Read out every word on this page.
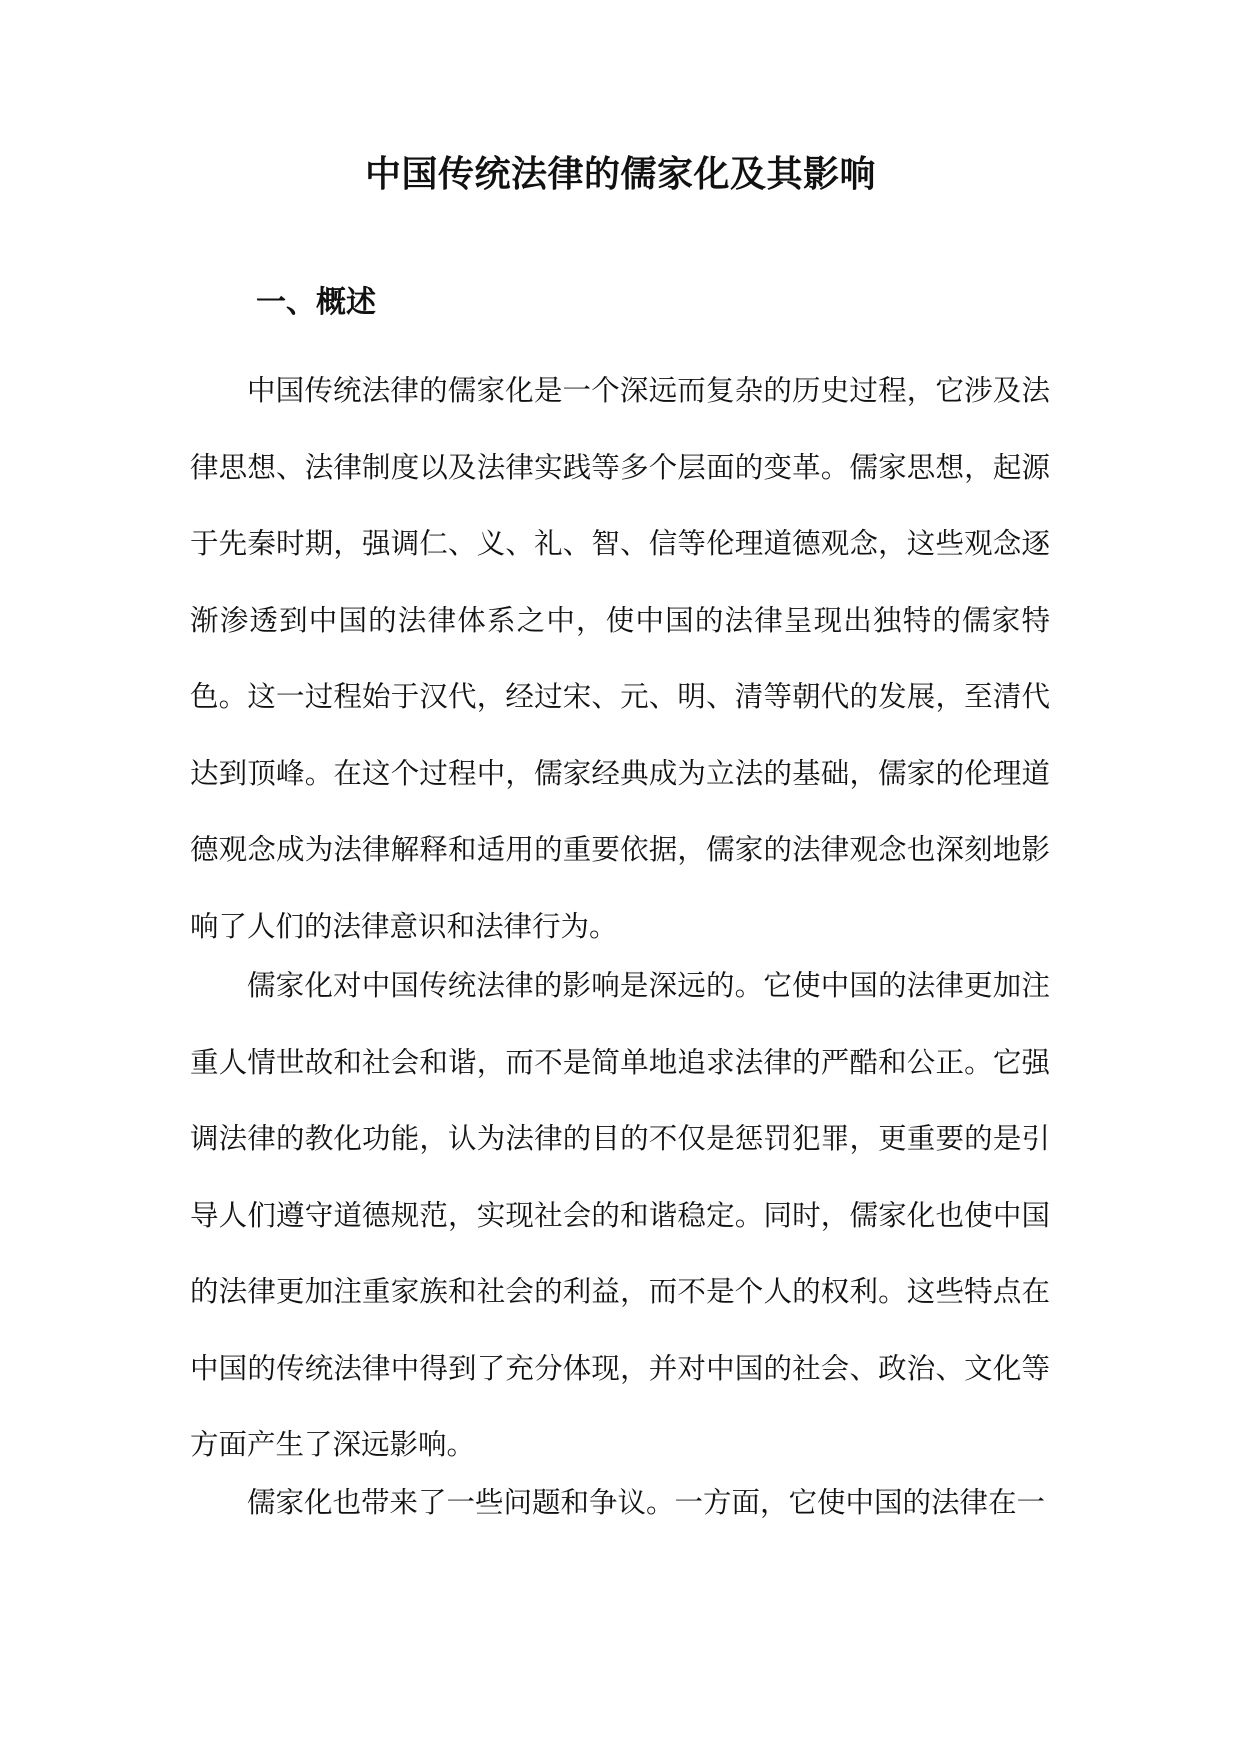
中国传统法律的儒家化及其影响
一、概述

中国传统法律的儒家化是一个深远而复杂的历史过程，它涉及法律思想、法律制度以及法律实践等多个层面的变革。儒家思想，起源于先秦时期，强调仁、义、礼、智、信等伦理道德观念，这些观念逐渐渗透到中国的法律体系之中，使中国的法律呈现出独特的儒家特色。这一过程始于汉代，经过宋、元、明、清等朝代的发展，至清代达到顶峰。在这个过程中，儒家经典成为立法的基础，儒家的伦理道德观念成为法律解释和适用的重要依据，儒家的法律观念也深刻地影响了人们的法律意识和法律行为。

儒家化对中国传统法律的影响是深远的。它使中国的法律更加注重人情世故和社会和谐，而不是简单地追求法律的严酷和公正。它强调法律的教化功能，认为法律的目的不仅是惩罚犯罪，更重要的是引导人们遵守道德规范，实现社会的和谐稳定。同时，儒家化也使中国的法律更加注重家族和社会的利益，而不是个人的权利。这些特点在中国的传统法律中得到了充分体现，并对中国的社会、政治、文化等方面产生了深远影响。

儒家化也带来了一些问题和争议。一方面，它使中国的法律在一
